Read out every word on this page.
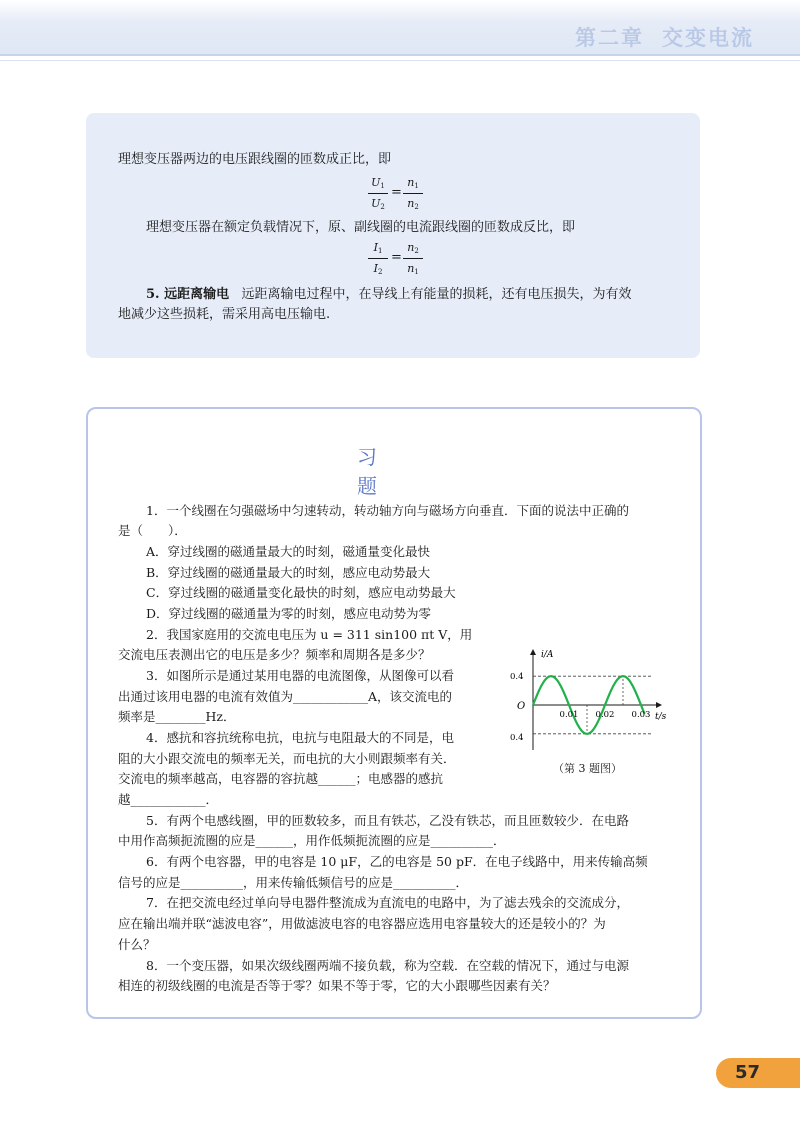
第二章 交变电流
理想变压器两边的电压跟线圈的匝数成正比，即
$U_1$
$U_2$
=
$n_1$
$n_2$
理想变压器在额定负载情况下，原、副线圈的电流跟线圈的匝数成反比，即
$I_1$
$I_2$
=
$n_2$
$n_1$
5. 远距离输电 远距离输电过程中，在导线上有能量的损耗，还有电压损失，为有效
地减少这些损耗，需采用高电压输电.
习题
1．一个线圈在匀强磁场中匀速转动，转动轴方向与磁场方向垂直．下面的说法中正确的
是（　　）．
A．穿过线圈的磁通量最大的时刻，磁通量变化最快
B．穿过线圈的磁通量最大的时刻，感应电动势最大
C．穿过线圈的磁通量变化最快的时刻，感应电动势最大
D．穿过线圈的磁通量为零的时刻，感应电动势为零
2．我国家庭用的交流电电压为 u = 311 sin100 πt V，用
交流电压表测出它的电压是多少？频率和周期各是多少？
3．如图所示是通过某用电器的电流图像，从图像可以看
出通过该用电器的电流有效值为____________A，该交流电的
频率是________Hz．
4．感抗和容抗统称电抗，电抗与电阻最大的不同是，电
阻的大小跟交流电的频率无关，而电抗的大小则跟频率有关．
交流电的频率越高，电容器的容抗越______；电感器的感抗
越____________．
5．有两个电感线圈，甲的匝数较多，而且有铁芯，乙没有铁芯，而且匝数较少．在电路
中用作高频扼流圈的应是______，用作低频扼流圈的应是__________．
6．有两个电容器，甲的电容是 10 μF，乙的电容是 50 pF．在电子线路中，用来传输高频
信号的应是__________，用来传输低频信号的应是__________．
7．在把交流电经过单向导电器件整流成为直流电的电路中，为了滤去残余的交流成分，
应在输出端并联“滤波电容”，用做滤波电容的电容器应选用电容量较大的还是较小的？为
什么？
8．一个变压器，如果次级线圈两端不接负载，称为空载．在空载的情况下，通过与电源
相连的初级线圈的电流是否等于零？如果不等于零，它的大小跟哪些因素有关？
i/A
t/s
O
0.4
0.4
0.01 0.02 0.03
（第 3 题图）
57
